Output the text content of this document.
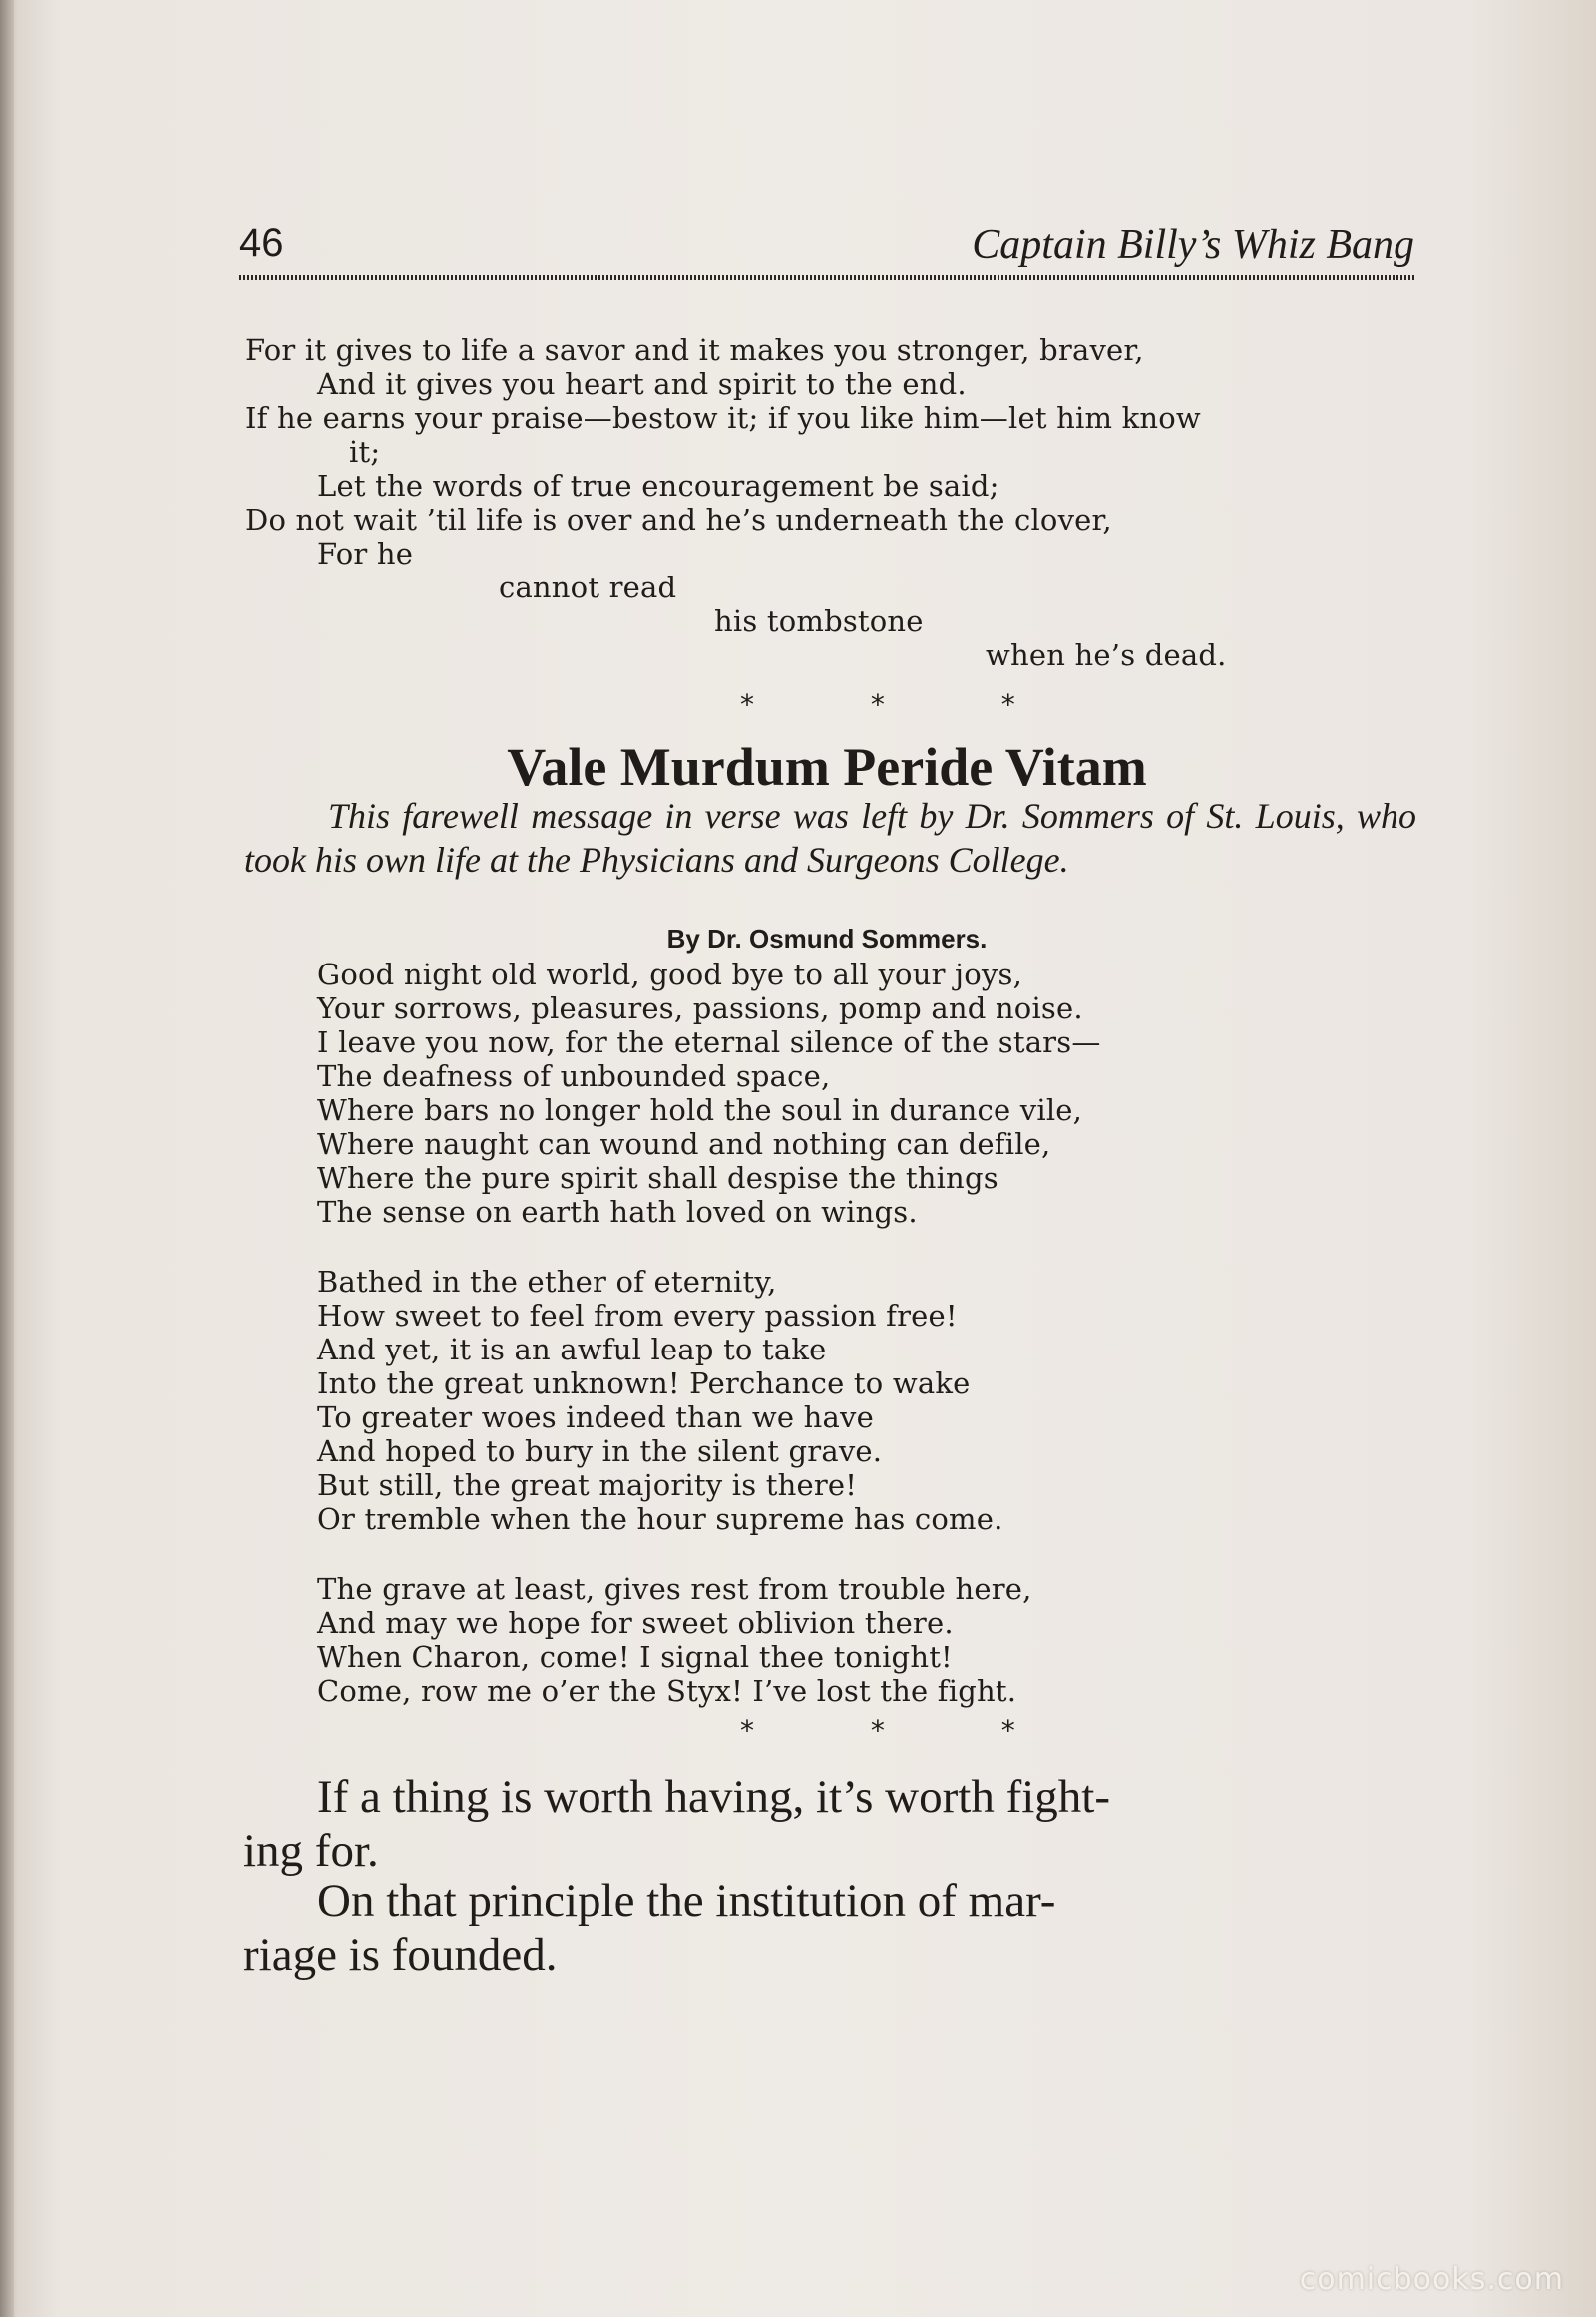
46	Captain Billy’s Whiz Bang
For it gives to life a savor and it makes you stronger, braver,
And it gives you heart and spirit to the end.
If he earns your praise—bestow it; if you like him—let him know
it;
Let the words of true encouragement be said;
Do not wait ’til life is over and he’s underneath the clover,
For he
cannot read
his tombstone
when he’s dead.
* * *
Vale Murdum Peride Vitam
This farewell message in verse was left by Dr. Sommers of St. Louis, who took his own life at the Physicians and Surgeons College.
By Dr. Osmund Sommers.
Good night old world, good bye to all your joys,
Your sorrows, pleasures, passions, pomp and noise.
I leave you now, for the eternal silence of the stars—
The deafness of unbounded space,
Where bars no longer hold the soul in durance vile,
Where naught can wound and nothing can defile,
Where the pure spirit shall despise the things
The sense on earth hath loved on wings.
Bathed in the ether of eternity,
How sweet to feel from every passion free!
And yet, it is an awful leap to take
Into the great unknown! Perchance to wake
To greater woes indeed than we have
And hoped to bury in the silent grave.
But still, the great majority is there!
Or tremble when the hour supreme has come.
The grave at least, gives rest from trouble here,
And may we hope for sweet oblivion there.
When Charon, come! I signal thee tonight!
Come, row me o’er the Styx! I’ve lost the fight.
* * *
If a thing is worth having, it’s worth fight-
ing for.
On that principle the institution of mar-
riage is founded.
comicbooks.com
